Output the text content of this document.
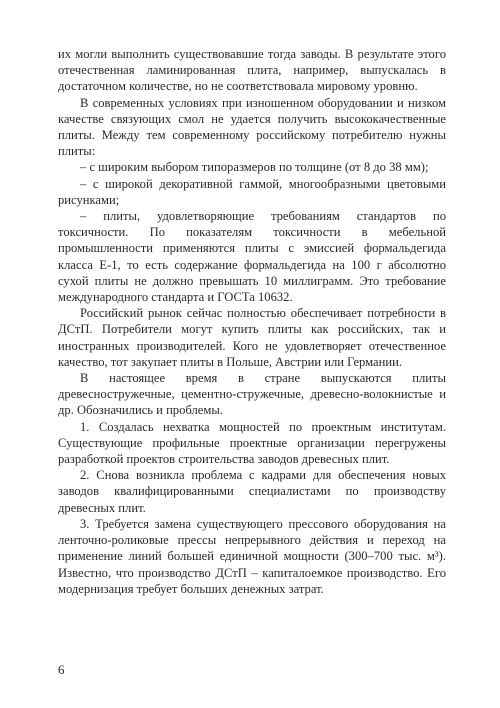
их могли выполнить существовавшие тогда заводы. В результате этого отечественная ламинированная плита, например, выпускалась в достаточном количестве, но не соответствовала мировому уровню.

В современных условиях при изношенном оборудовании и низком качестве связующих смол не удается получить высококачественные плиты. Между тем современному российскому потребителю нужны плиты:

– с широким выбором типоразмеров по толщине (от 8 до 38 мм);

– с широкой декоративной гаммой, многообразными цветовыми рисунками;

– плиты, удовлетворяющие требованиям стандартов по токсичности. По показателям токсичности в мебельной промышленности применяются плиты с эмиссией формальдегида класса Е-1, то есть содержание формальдегида на 100 г абсолютно сухой плиты не должно превышать 10 миллиграмм. Это требование международного стандарта и ГОСТа 10632.

Российский рынок сейчас полностью обеспечивает потребности в ДСтП. Потребители могут купить плиты как российских, так и иностранных производителей. Кого не удовлетворяет отечественное качество, тот закупает плиты в Польше, Австрии или Германии.

В настоящее время в стране выпускаются плиты древесностружечные, цементно-стружечные, древесно-волокнистые и др. Обозначились и проблемы.

1. Создалась нехватка мощностей по проектным институтам. Существующие профильные проектные организации перегружены разработкой проектов строительства заводов древесных плит.

2. Снова возникла проблема с кадрами для обеспечения новых заводов квалифицированными специалистами по производству древесных плит.

3. Требуется замена существующего прессового оборудования на ленточно-роликовые прессы непрерывного действия и переход на применение линий большей единичной мощности (300–700 тыс. м³). Известно, что производство ДСтП – капиталоемкое производство. Его модернизация требует больших денежных затрат.

6
